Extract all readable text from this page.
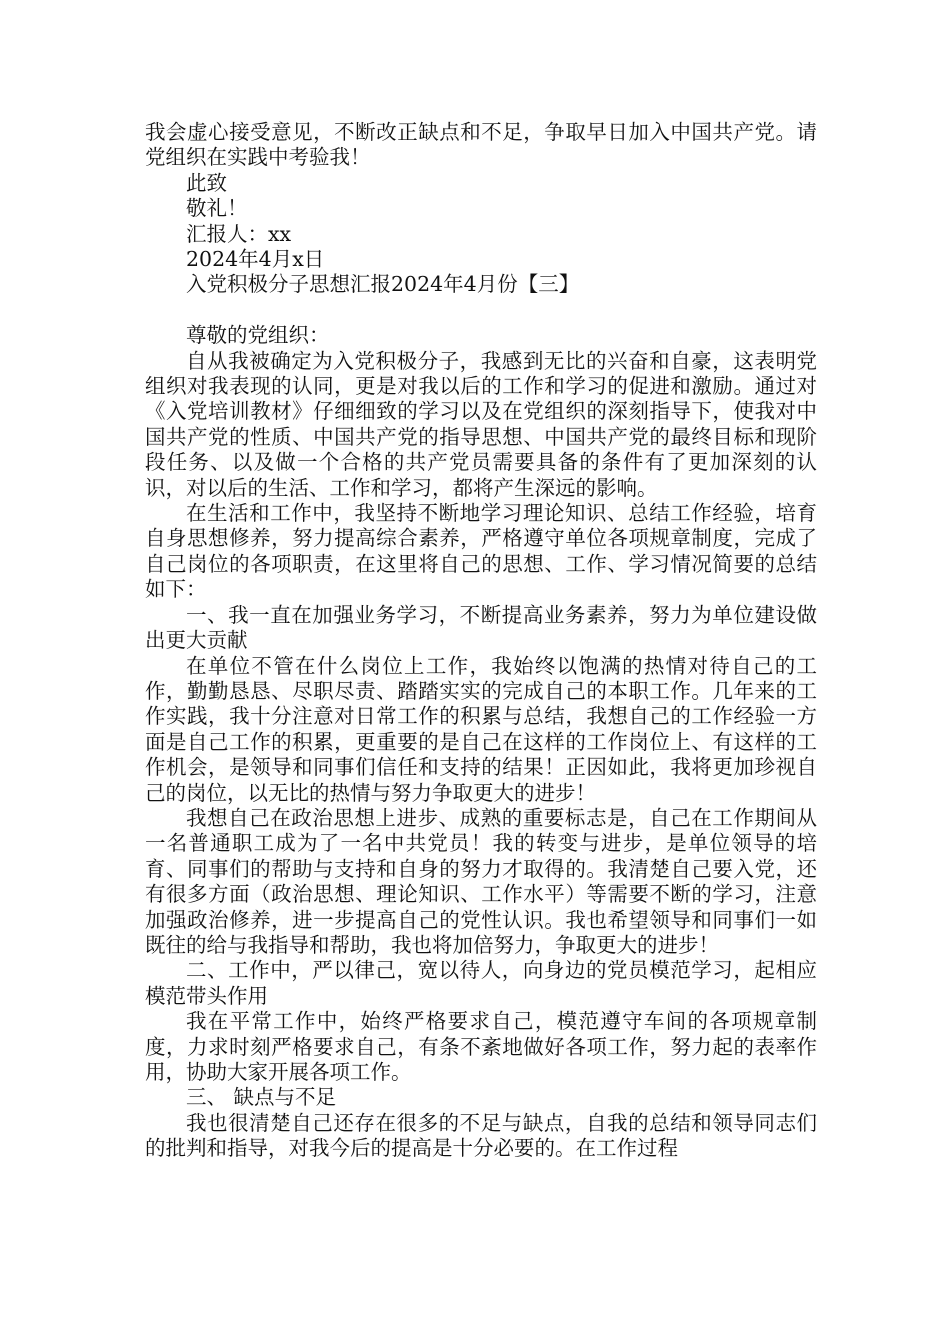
我会虚心接受意见，不断改正缺点和不足，争取早日加入中国共产党。请党组织在实践中考验我！

此致

敬礼！

汇报人：xx

2024年4月x日

入党积极分子思想汇报2024年4月份【三】

尊敬的党组织：

自从我被确定为入党积极分子，我感到无比的兴奋和自豪，这表明党组织对我表现的认同，更是对我以后的工作和学习的促进和激励。通过对《入党培训教材》仔细细致的学习以及在党组织的深刻指导下，使我对中国共产党的性质、中国共产党的指导思想、中国共产党的最终目标和现阶段任务、以及做一个合格的共产党员需要具备的条件有了更加深刻的认识，对以后的生活、工作和学习，都将产生深远的影响。

在生活和工作中，我坚持不断地学习理论知识、总结工作经验，培育自身思想修养，努力提高综合素养，严格遵守单位各项规章制度，完成了自己岗位的各项职责，在这里将自己的思想、工作、学习情况简要的总结如下：

一、我一直在加强业务学习，不断提高业务素养，努力为单位建设做出更大贡献

在单位不管在什么岗位上工作，我始终以饱满的热情对待自己的工作，勤勤恳恳、尽职尽责、踏踏实实的完成自己的本职工作。几年来的工作实践，我十分注意对日常工作的积累与总结，我想自己的工作经验一方面是自己工作的积累，更重要的是自己在这样的工作岗位上、有这样的工作机会，是领导和同事们信任和支持的结果！正因如此，我将更加珍视自己的岗位，以无比的热情与努力争取更大的进步！

我想自己在政治思想上进步、成熟的重要标志是，自己在工作期间从一名普通职工成为了一名中共党员！我的转变与进步，是单位领导的培育、同事们的帮助与支持和自身的努力才取得的。我清楚自己要入党，还有很多方面（政治思想、理论知识、工作水平）等需要不断的学习，注意加强政治修养，进一步提高自己的党性认识。我也希望领导和同事们一如既往的给与我指导和帮助，我也将加倍努力，争取更大的进步！

二、工作中，严以律己，宽以待人，向身边的党员模范学习，起相应模范带头作用

我在平常工作中，始终严格要求自己，模范遵守车间的各项规章制度，力求时刻严格要求自己，有条不紊地做好各项工作，努力起的表率作用，协助大家开展各项工作。

三、 缺点与不足

我也很清楚自己还存在很多的不足与缺点，自我的总结和领导同志们的批判和指导，对我今后的提高是十分必要的。在工作过程
